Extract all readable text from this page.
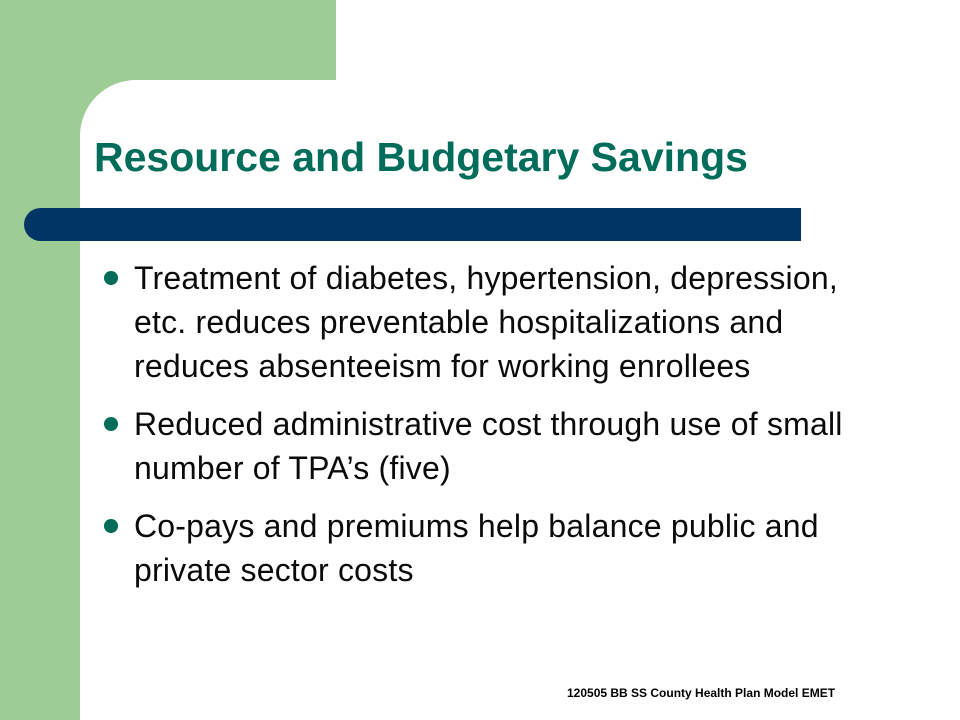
Resource and Budgetary Savings
Treatment of diabetes, hypertension, depression, etc. reduces preventable hospitalizations and reduces absenteeism for working enrollees
Reduced administrative cost through use of small number of TPA’s (five)
Co-pays and premiums help balance public and private sector costs
120505 BB SS County Health Plan Model EMET
